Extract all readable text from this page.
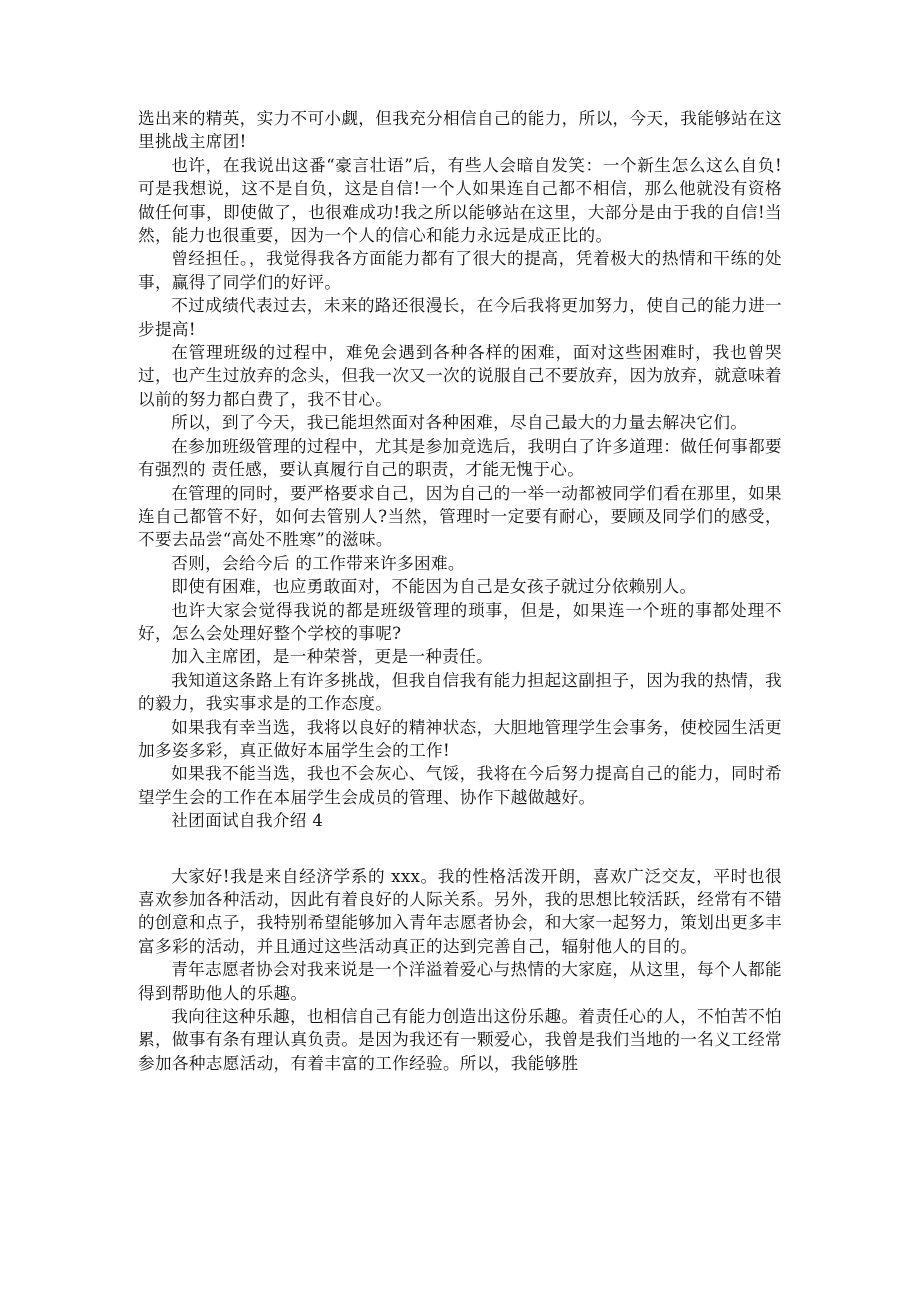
选出来的精英，实力不可小觑，但我充分相信自己的能力，所以，今天，我能够站在这里挑战主席团!

也许，在我说出这番“豪言壮语”后，有些人会暗自发笑：一个新生怎么这么自负!可是我想说，这不是自负，这是自信!一个人如果连自己都不相信，那么他就没有资格做任何事，即使做了，也很难成功!我之所以能够站在这里，大部分是由于我的自信!当然，能力也很重要，因为一个人的信心和能力永远是成正比的。

曾经担任。，我觉得我各方面能力都有了很大的提高，凭着极大的热情和干练的处事，赢得了同学们的好评。

不过成绩代表过去，未来的路还很漫长，在今后我将更加努力，使自己的能力进一步提高!

在管理班级的过程中，难免会遇到各种各样的困难，面对这些困难时，我也曾哭过，也产生过放弃的念头，但我一次又一次的说服自己不要放弃，因为放弃，就意味着以前的努力都白费了，我不甘心。

所以，到了今天，我已能坦然面对各种困难，尽自己最大的力量去解决它们。

在参加班级管理的过程中，尤其是参加竞选后，我明白了许多道理：做任何事都要有强烈的 责任感，要认真履行自己的职责，才能无愧于心。

在管理的同时，要严格要求自己，因为自己的一举一动都被同学们看在那里，如果连自己都管不好，如何去管别人?当然，管理时一定要有耐心，要顾及同学们的感受，不要去品尝“高处不胜寒”的滋味。

否则，会给今后 的工作带来许多困难。

即使有困难，也应勇敢面对，不能因为自己是女孩子就过分依赖别人。

也许大家会觉得我说的都是班级管理的琐事，但是，如果连一个班的事都处理不好，怎么会处理好整个学校的事呢?

加入主席团，是一种荣誉，更是一种责任。

我知道这条路上有许多挑战，但我自信我有能力担起这副担子，因为我的热情，我的毅力，我实事求是的工作态度。

如果我有幸当选，我将以良好的精神状态，大胆地管理学生会事务，使校园生活更加多姿多彩，真正做好本届学生会的工作!

如果我不能当选，我也不会灰心、气馁，我将在今后努力提高自己的能力，同时希望学生会的工作在本届学生会成员的管理、协作下越做越好。

社团面试自我介绍 4

大家好!我是来自经济学系的 xxx。我的性格活泼开朗，喜欢广泛交友，平时也很喜欢参加各种活动，因此有着良好的人际关系。另外，我的思想比较活跃，经常有不错的创意和点子，我特别希望能够加入青年志愿者协会，和大家一起努力，策划出更多丰富多彩的活动，并且通过这些活动真正的达到完善自己，辐射他人的目的。

青年志愿者协会对我来说是一个洋溢着爱心与热情的大家庭，从这里，每个人都能得到帮助他人的乐趣。

我向往这种乐趣，也相信自己有能力创造出这份乐趣。着责任心的人，不怕苦不怕累，做事有条有理认真负责。是因为我还有一颗爱心，我曾是我们当地的一名义工经常参加各种志愿活动，有着丰富的工作经验。所以，我能够胜
